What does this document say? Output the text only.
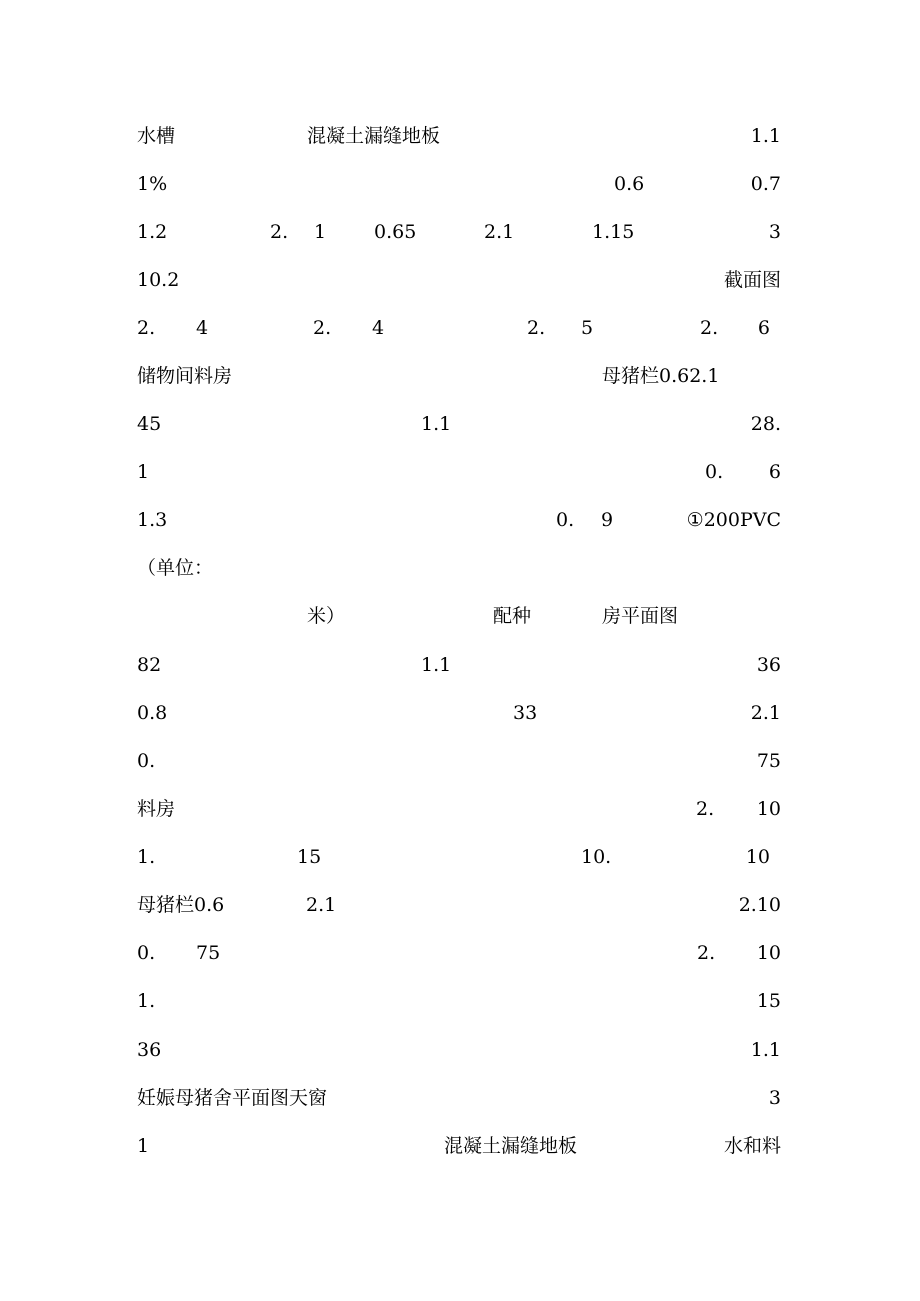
水槽	混凝土漏缝地板	1.1
1%	0.6	0.7
1.2	2. 1	0.65	2.1	1.15	3
10.2	截面图
2. 4	2. 4	2. 5	2. 6
储物间料房	母猪栏0.62.1
45	1.1	28.
1	0. 6
1.3	0. 9	①200PVC
（单位：
米）	配种	房平面图
82	1.1	36
0.8	33	2.1
0.	75
料房	2. 10
1.	15	10.	10
母猪栏0.6	2.1	2.10
0. 75	2. 10
1.	15
36	1.1
妊娠母猪舍平面图天窗	3
1	混凝土漏缝地板	水和料
